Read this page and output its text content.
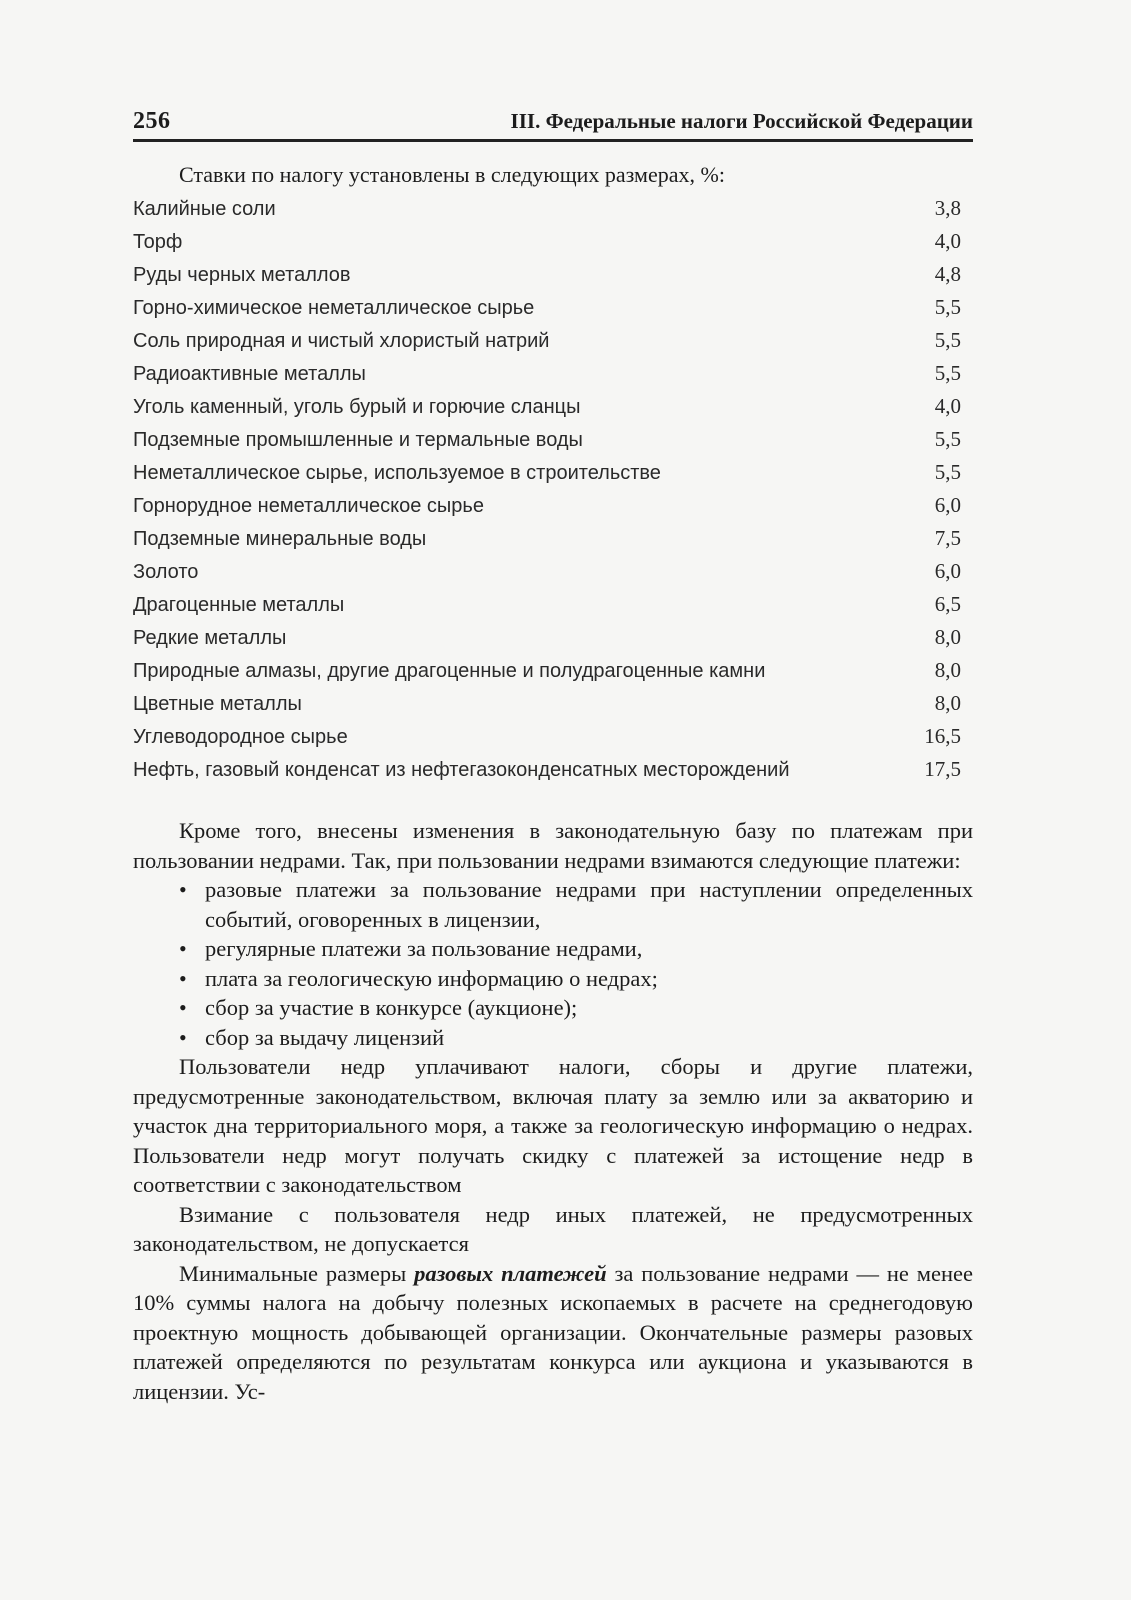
256	III. Федеральные налоги Российской Федерации
Ставки по налогу установлены в следующих размерах, %:
Калийные соли	3,8
Торф	4,0
Руды черных металлов	4,8
Горно-химическое неметаллическое сырье	5,5
Соль природная и чистый хлористый натрий	5,5
Радиоактивные металлы	5,5
Уголь каменный, уголь бурый и горючие сланцы	4,0
Подземные промышленные и термальные воды	5,5
Неметаллическое сырье, используемое в строительстве	5,5
Горнорудное неметаллическое сырье	6,0
Подземные минеральные воды	7,5
Золото	6,0
Драгоценные металлы	6,5
Редкие металлы	8,0
Природные алмазы, другие драгоценные и полудрагоценные камни	8,0
Цветные металлы	8,0
Углеводородное сырье	16,5
Нефть, газовый конденсат из нефтегазоконденсатных месторождений	17,5

Кроме того, внесены изменения в законодательную базу по платежам при пользовании недрами. Так, при пользовании недрами взимаются следующие платежи:

• разовые платежи за пользование недрами при наступлении определенных событий, оговоренных в лицензии,
• регулярные платежи за пользование недрами,
• плата за геологическую информацию о недрах;
• сбор за участие в конкурсе (аукционе);
• сбор за выдачу лицензий

Пользователи недр уплачивают налоги, сборы и другие платежи, предусмотренные законодательством, включая плату за землю или за акваторию и участок дна территориального моря, а также за геологическую информацию о недрах. Пользователи недр могут получать скидку с платежей за истощение недр в соответствии с законодательством

Взимание с пользователя недр иных платежей, не предусмотренных законодательством, не допускается

Минимальные размеры разовых платежей за пользование недрами — не менее 10% суммы налога на добычу полезных ископаемых в расчете на среднегодовую проектную мощность добывающей организации. Окончательные размеры разовых платежей определяются по результатам конкурса или аукциона и указываются в лицензии. Ус-
